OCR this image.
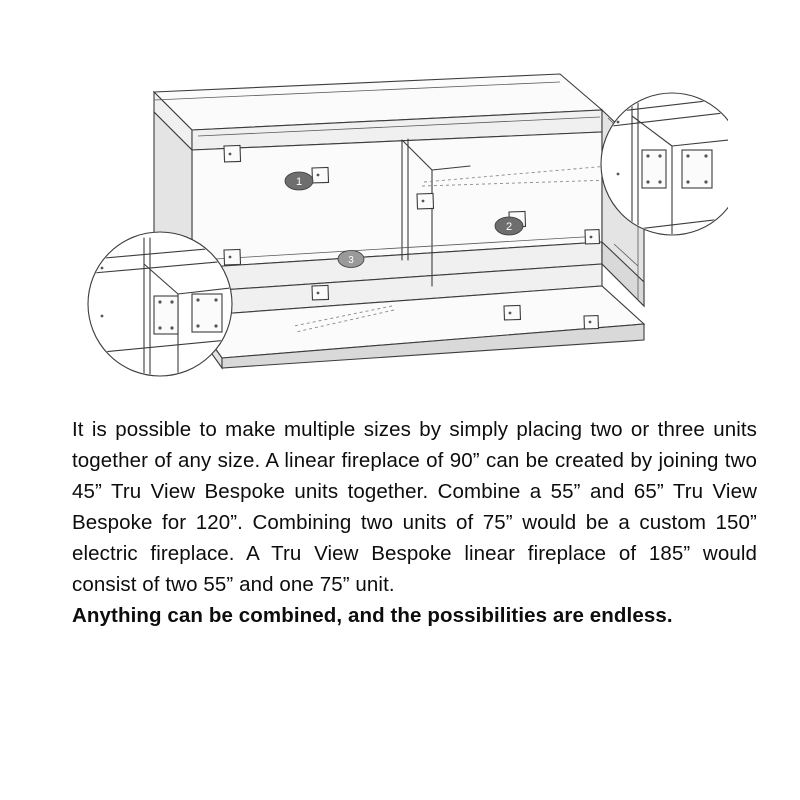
1
2
3

It is possible to make multiple sizes by simply placing two or three units together of any size. A linear fireplace of 90” can be created by joining two 45” Tru View Bespoke units together. Combine a 55” and 65” Tru View Bespoke for 120”. Combining two units of 75” would be a custom 150” electric fireplace. A Tru View Bespoke linear fireplace of 185” would consist of two 55” and one 75” unit.

Anything can be combined, and the possibilities are endless.
